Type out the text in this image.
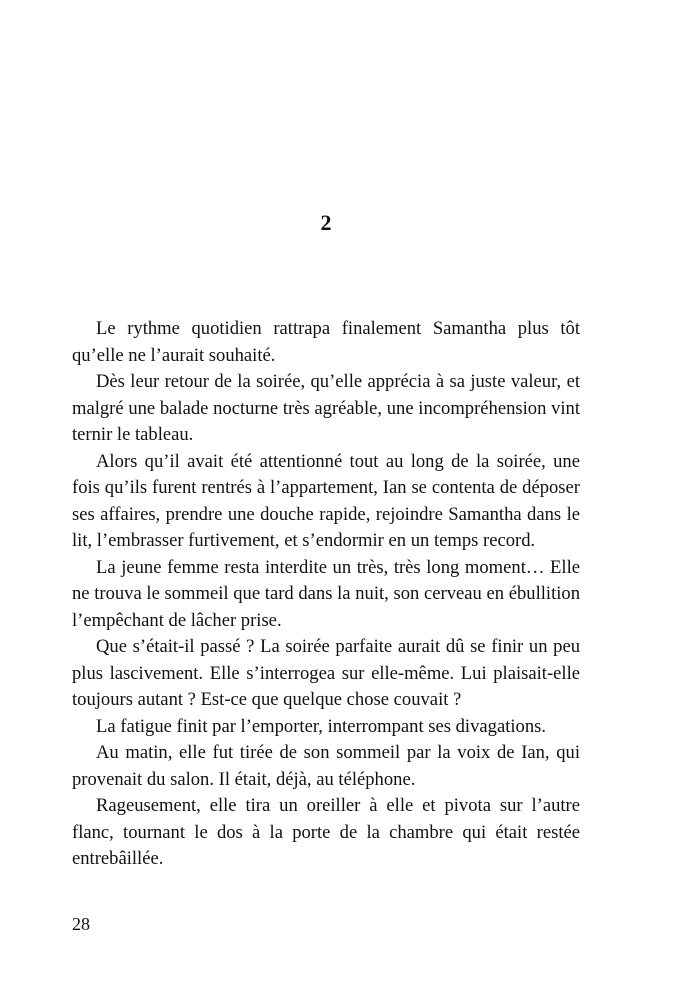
2

Le rythme quotidien rattrapa finalement Samantha plus tôt qu’elle ne l’aurait souhaité.

Dès leur retour de la soirée, qu’elle apprécia à sa juste valeur, et malgré une balade nocturne très agréable, une incompréhension vint ternir le tableau.

Alors qu’il avait été attentionné tout au long de la soirée, une fois qu’ils furent rentrés à l’appartement, Ian se contenta de déposer ses affaires, prendre une douche rapide, rejoindre Samantha dans le lit, l’embrasser furtivement, et s’endormir en un temps record.

La jeune femme resta interdite un très, très long moment… Elle ne trouva le sommeil que tard dans la nuit, son cerveau en ébullition l’empêchant de lâcher prise.

Que s’était-il passé ? La soirée parfaite aurait dû se finir un peu plus lascivement. Elle s’interrogea sur elle-même. Lui plaisait-elle toujours autant ? Est-ce que quelque chose couvait ?

La fatigue finit par l’emporter, interrompant ses divagations.

Au matin, elle fut tirée de son sommeil par la voix de Ian, qui provenait du salon. Il était, déjà, au téléphone.

Rageusement, elle tira un oreiller à elle et pivota sur l’autre flanc, tournant le dos à la porte de la chambre qui était restée entrebâillée.

28
